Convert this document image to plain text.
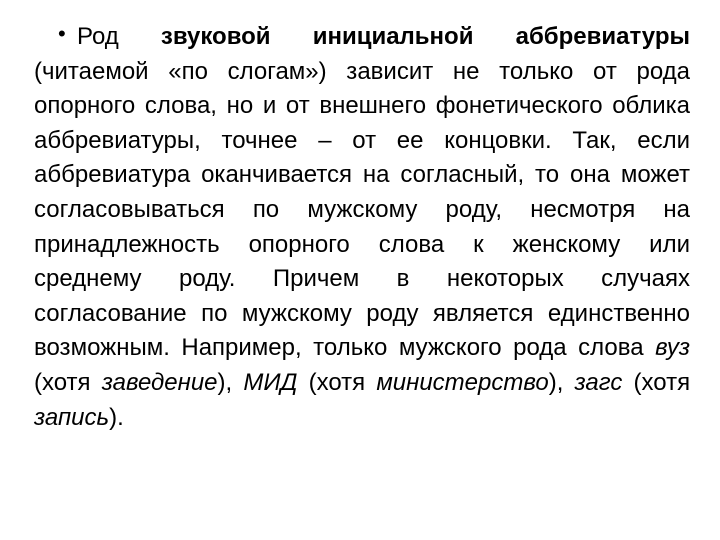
• Род звуковой инициальной аббревиатуры (читаемой «по слогам») зависит не только от рода опорного слова, но и от внешнего фонетического облика аббревиатуры, точнее – от ее концовки. Так, если аббревиатура оканчивается на согласный, то она может согласовываться по мужскому роду, несмотря на принадлежность опорного слова к женскому или среднему роду. Причем в некоторых случаях согласование по мужскому роду является единственно возможным. Например, только мужского рода слова вуз (хотя заведение), МИД (хотя министерство), загс (хотя запись).
